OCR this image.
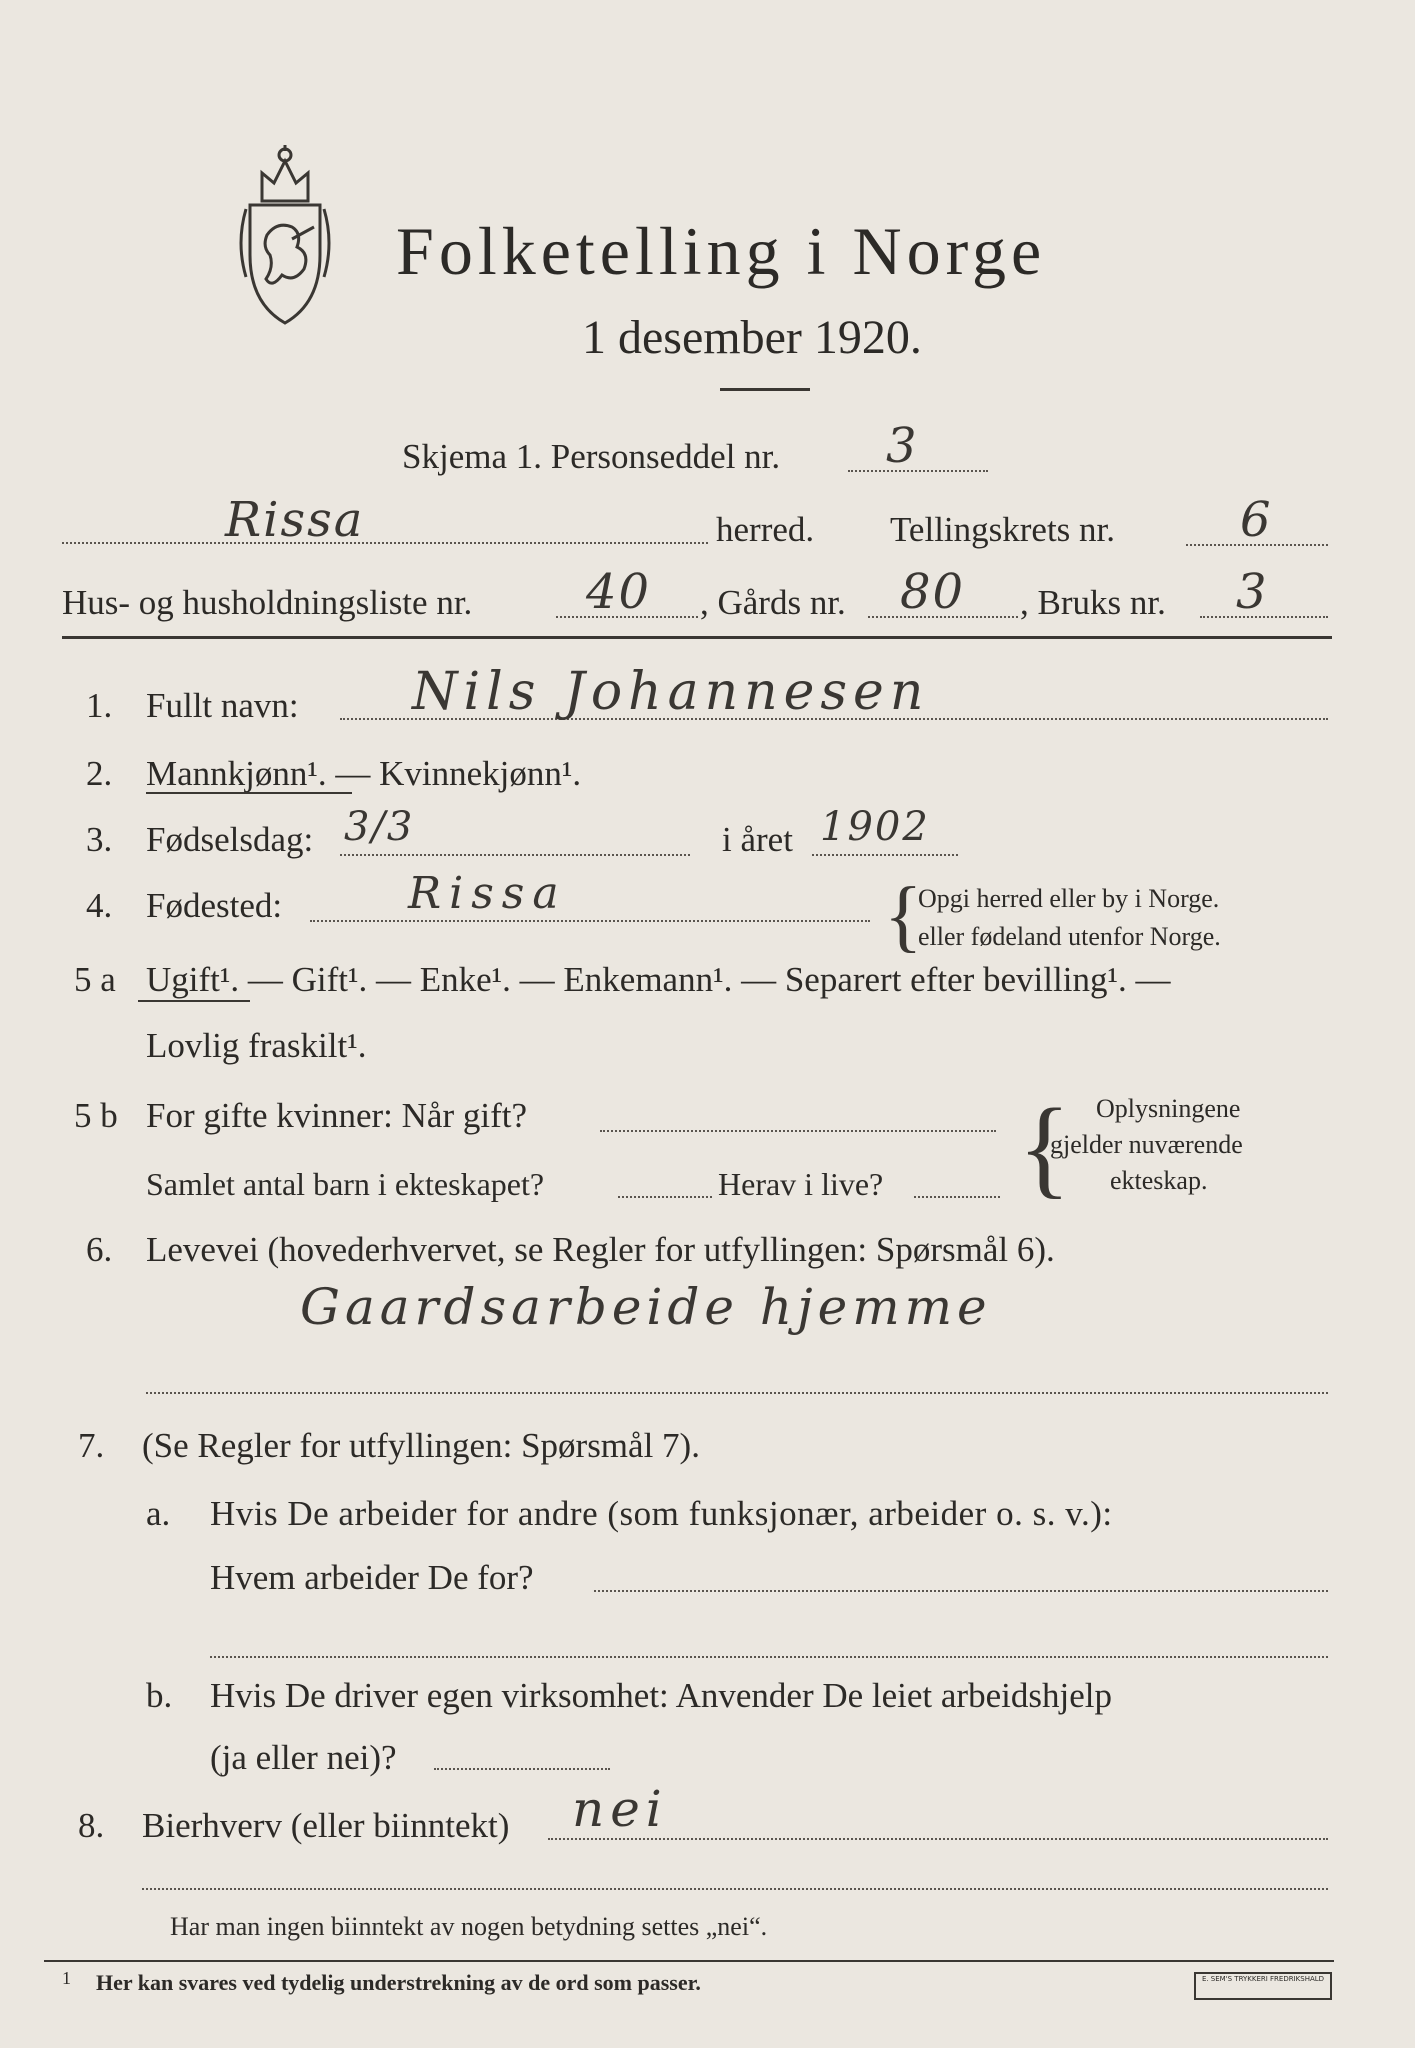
Folketelling i Norge
1 desember 1920.
Skjema 1. Personseddel nr. 3
Rissa	herred. Tellingskrets nr.	6
Hus- og husholdningsliste nr. 40 , Gårds nr. 80 , Bruks nr. 3
1. Fullt navn: Nils Johannesen
2. Mannkjønn¹. — Kvinnekjønn¹.
3. Fødselsdag: 3/3	i året 1902
4. Fødested:	Rissa	{
Opgi herred eller by i Norge.
eller fødeland utenfor Norge.
5 a Ugift¹. — Gift¹. — Enke¹. — Enkemann¹. — Separert efter bevilling¹. —
Lovlig fraskilt¹.
5 b For gifte kvinner: Når gift?
Samlet antal barn i ekteskapet?	Herav i live? { Oplysningene
gjelder nuværende
ekteskap.
6. Levevei (hovederhvervet, se Regler for utfyllingen: Spørsmål 6).
Gaardsarbeide hjemme
7. (Se Regler for utfyllingen: Spørsmål 7).
a. Hvis De arbeider for andre (som funksjonær, arbeider o. s. v.):
Hvem arbeider De for?
b. Hvis De driver egen virksomhet: Anvender De leiet arbeidshjelp
(ja eller nei)?
8. Bierhverv (eller biinntekt) nei
Har man ingen biinntekt av nogen betydning settes „nei“.
1 Her kan svares ved tydelig understrekning av de ord som passer.	E. SEM'S TRYKKERI FREDRIKSHALD
